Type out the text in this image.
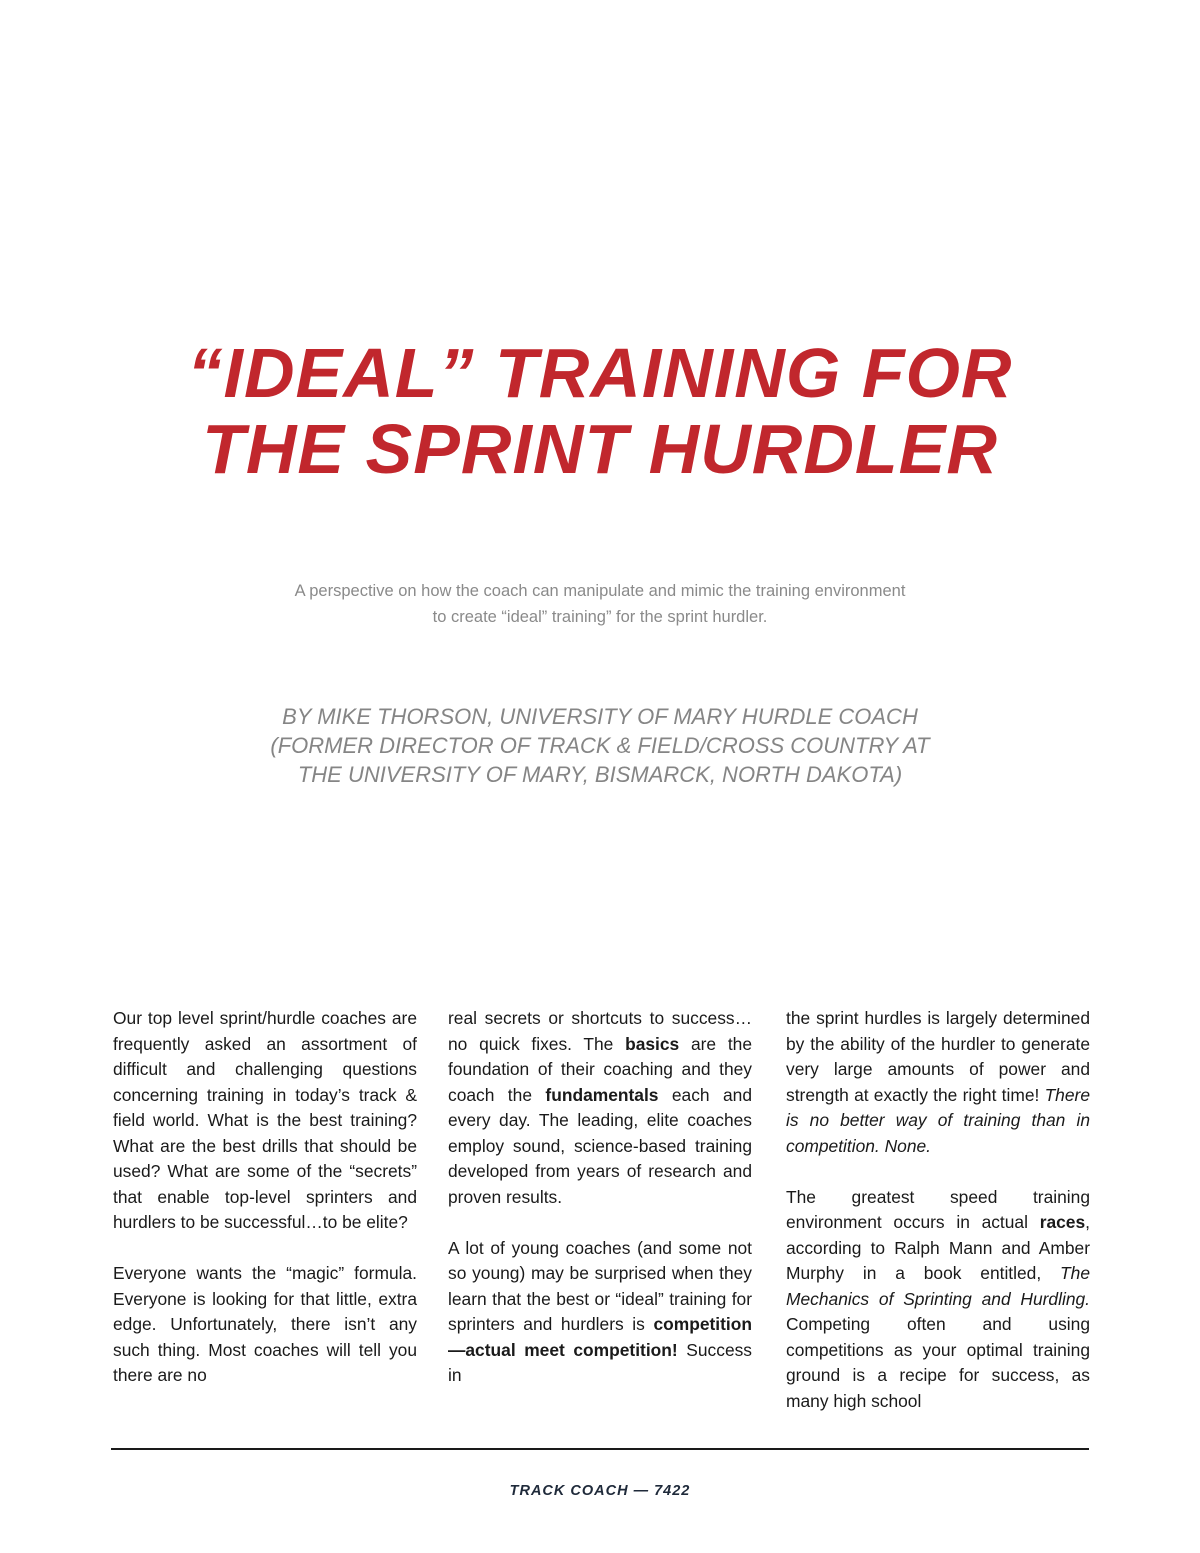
“IDEAL” TRAINING FOR
THE SPRINT HURDLER
A perspective on how the coach can manipulate and mimic the training environment
to create “ideal” training” for the sprint hurdler.
BY MIKE THORSON, UNIVERSITY OF MARY HURDLE COACH
(FORMER DIRECTOR OF TRACK & FIELD/CROSS COUNTRY AT
THE UNIVERSITY OF MARY, BISMARCK, NORTH DAKOTA)

Our top level sprint/hurdle coaches are frequently asked an assortment of difficult and challenging questions concerning training in today’s track & field world. What is the best training? What are the best drills that should be used? What are some of the “secrets” that enable top-level sprinters and hurdlers to be successful…to be elite?

Everyone wants the “magic” formula. Everyone is looking for that little, extra edge. Unfortunately, there isn’t any such thing. Most coaches will tell you there are no

real secrets or shortcuts to success…no quick fixes. The basics are the foundation of their coaching and they coach the fundamentals each and every day. The leading, elite coaches employ sound, science-based training developed from years of research and proven results.

A lot of young coaches (and some not so young) may be surprised when they learn that the best or “ideal” training for sprinters and hurdlers is competition—actual meet competition! Success in

the sprint hurdles is largely determined by the ability of the hurdler to generate very large amounts of power and strength at exactly the right time! There is no better way of training than in competition. None.

The greatest speed training environment occurs in actual races, according to Ralph Mann and Amber Murphy in a book entitled, The Mechanics of Sprinting and Hurdling. Competing often and using competitions as your optimal training ground is a recipe for success, as many high school

TRACK COACH — 7422
